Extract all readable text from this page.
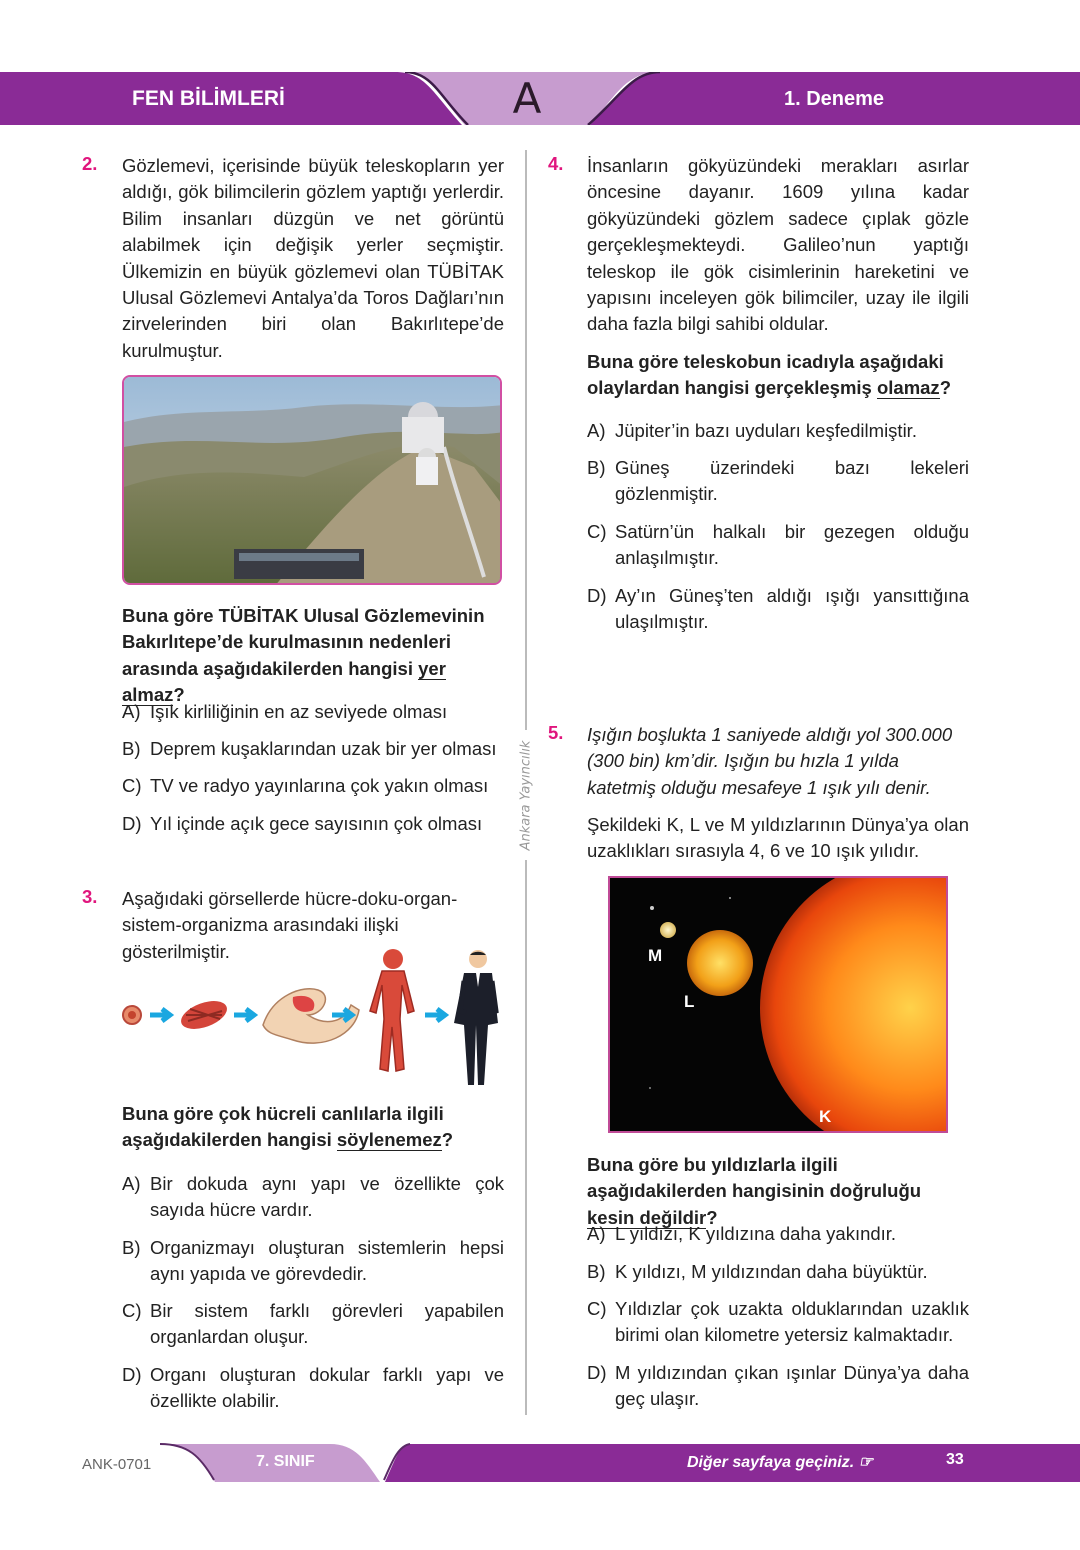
FEN BİLİMLERİ	A	1. Deneme
Ankara Yayıncılık
2. Gözlemevi, içerisinde büyük teleskopların yer aldığı, gök bilimcilerin gözlem yaptığı yerlerdir. Bilim insanları düzgün ve net görüntü alabilmek için değişik yerler seçmiştir. Ülkemizin en büyük gözlemevi olan TÜBİTAK Ulusal Gözlemevi Antalya’da Toros Dağları’nın zirvelerinden biri olan Bakırlıtepe’de kurulmuştur.
Buna göre TÜBİTAK Ulusal Gözlemevinin Bakırlıtepe’de kurulmasının nedenleri arasında aşağıdakilerden hangisi yer almaz?
A) Işık kirliliğinin en az seviyede olması
B) Deprem kuşaklarından uzak bir yer olması
C) TV ve radyo yayınlarına çok yakın olması
D) Yıl içinde açık gece sayısının çok olması
3. Aşağıdaki görsellerde hücre-doku-organ-sistem-organizma arasındaki ilişki gösterilmiştir.
Buna göre çok hücreli canlılarla ilgili aşağıdakilerden hangisi söylenemez?
A) Bir dokuda aynı yapı ve özellikte çok sayıda hücre vardır.
B) Organizmayı oluşturan sistemlerin hepsi aynı yapıda ve görevdedir.
C) Bir sistem farklı görevleri yapabilen organlardan oluşur.
D) Organı oluşturan dokular farklı yapı ve özellikte olabilir.
4. İnsanların gökyüzündeki merakları asırlar öncesine dayanır. 1609 yılına kadar gökyüzündeki gözlem sadece çıplak gözle gerçekleşmekteydi. Galileo’nun yaptığı teleskop ile gök cisimlerinin hareketini ve yapısını inceleyen gök bilimciler, uzay ile ilgili daha fazla bilgi sahibi oldular.
Buna göre teleskobun icadıyla aşağıdaki olaylardan hangisi gerçekleşmiş olamaz?
A) Jüpiter’in bazı uyduları keşfedilmiştir.
B) Güneş üzerindeki bazı lekeleri gözlenmiştir.
C) Satürn’ün halkalı bir gezegen olduğu anlaşılmıştır.
D) Ay’ın Güneş’ten aldığı ışığı yansıttığına ulaşılmıştır.
5. Işığın boşlukta 1 saniyede aldığı yol 300.000 (300 bin) km’dir. Işığın bu hızla 1 yılda katetmiş olduğu mesafeye 1 ışık yılı denir.
Şekildeki K, L ve M yıldızlarının Dünya’ya olan uzaklıkları sırasıyla 4, 6 ve 10 ışık yılıdır.
M
L
K
Buna göre bu yıldızlarla ilgili aşağıdakilerden hangisinin doğruluğu kesin değildir?
A) L yıldızı, K yıldızına daha yakındır.
B) K yıldızı, M yıldızından daha büyüktür.
C) Yıldızlar çok uzakta olduklarından uzaklık birimi olan kilometre yetersiz kalmaktadır.
D) M yıldızından çıkan ışınlar Dünya’ya daha geç ulaşır.
ANK-0701	7. SINIF	Diğer sayfaya geçiniz. ☞	33
